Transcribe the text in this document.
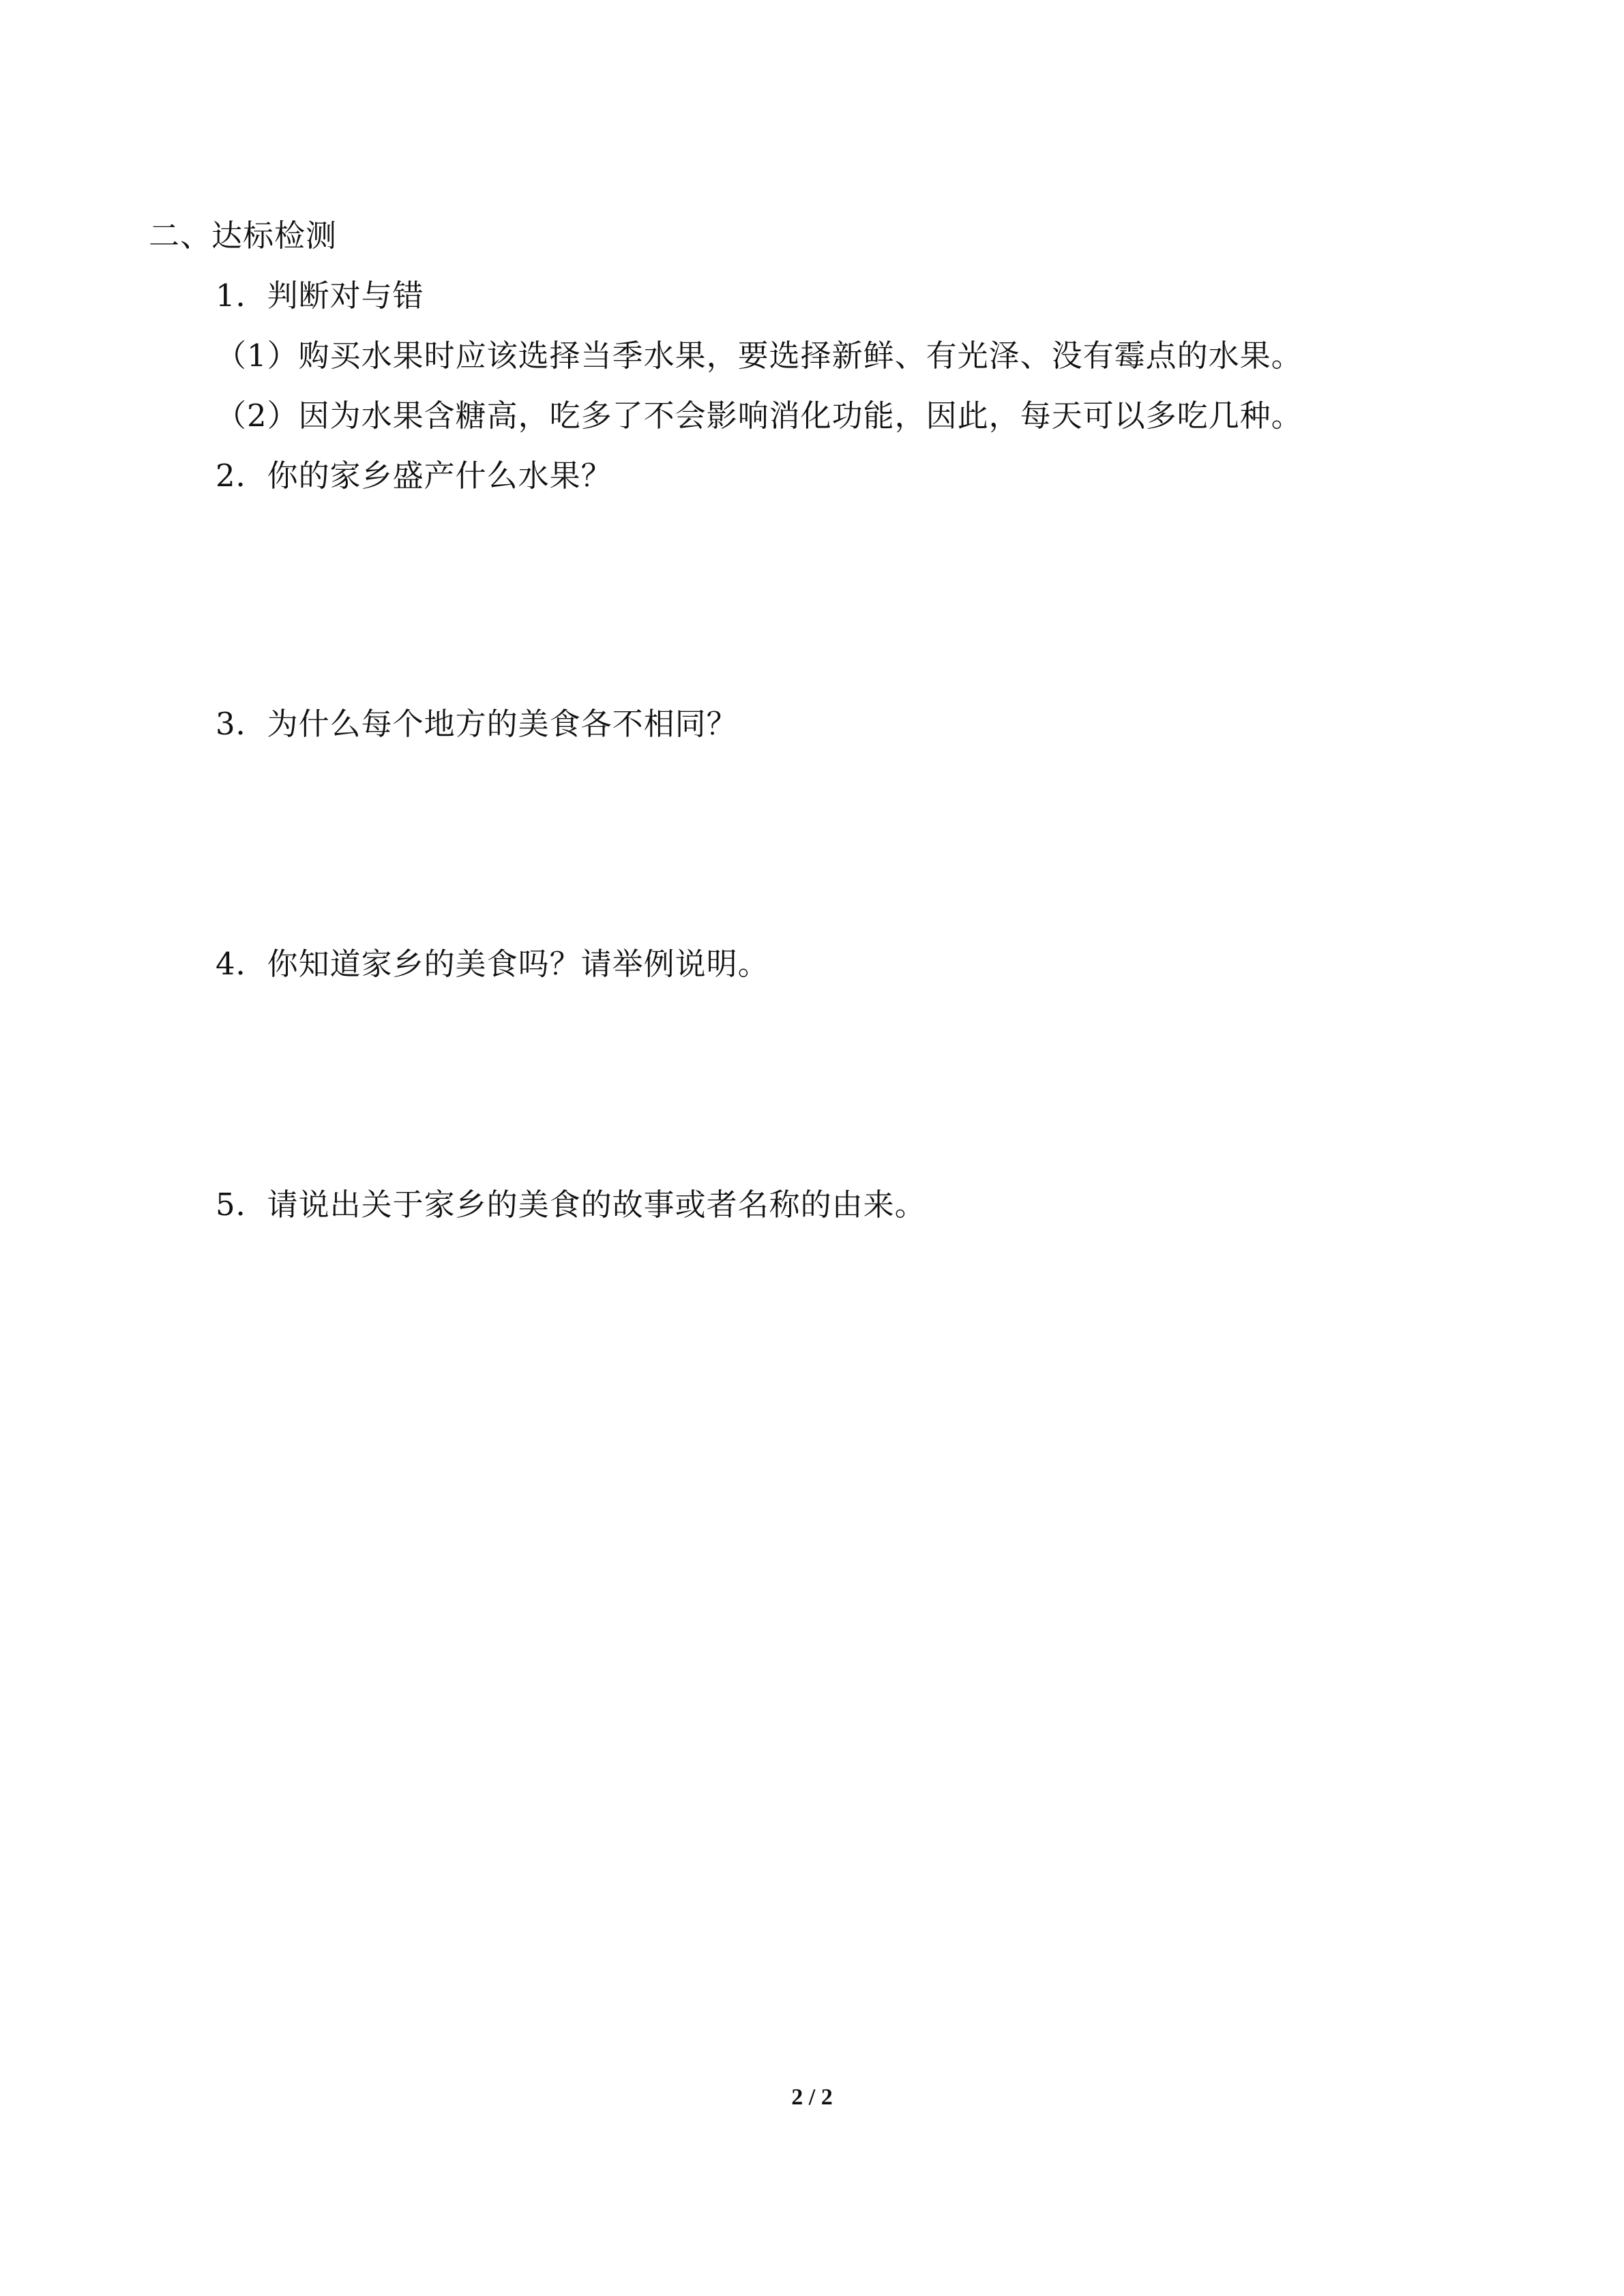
二、达标检测
1．判断对与错
（1）购买水果时应该选择当季水果，要选择新鲜、有光泽、没有霉点的水果。
（2）因为水果含糖高，吃多了不会影响消化功能，因此，每天可以多吃几种。
2．你的家乡盛产什么水果？
3．为什么每个地方的美食各不相同？
4．你知道家乡的美食吗？请举例说明。
5．请说出关于家乡的美食的故事或者名称的由来。
2 / 2
